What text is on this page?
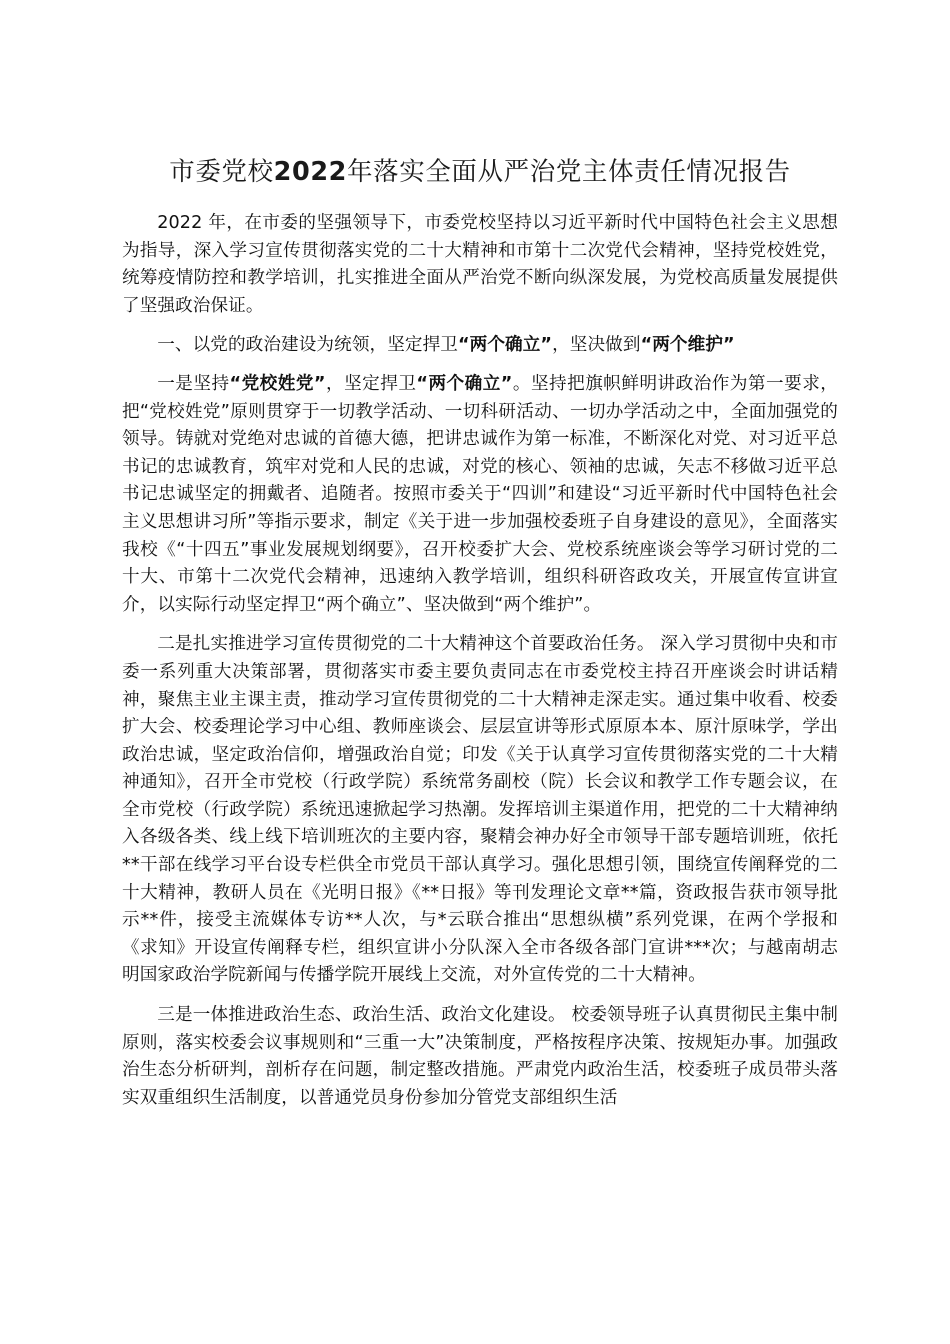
市委党校2022年落实全面从严治党主体责任情况报告

2022 年，在市委的坚强领导下，市委党校坚持以习近平新时代中国特色社会主义思想为指导，深入学习宣传贯彻落实党的二十大精神和市第十二次党代会精神，坚持党校姓党，统筹疫情防控和教学培训，扎实推进全面从严治党不断向纵深发展，为党校高质量发展提供了坚强政治保证。

一、以党的政治建设为统领，坚定捍卫“两个确立”，坚决做到“两个维护”

一是坚持“党校姓党”，坚定捍卫“两个确立”。坚持把旗帜鲜明讲政治作为第一要求，把“党校姓党”原则贯穿于一切教学活动、一切科研活动、一切办学活动之中，全面加强党的领导。铸就对党绝对忠诚的首德大德，把讲忠诚作为第一标准，不断深化对党、对习近平总书记的忠诚教育，筑牢对党和人民的忠诚，对党的核心、领袖的忠诚，矢志不移做习近平总书记忠诚坚定的拥戴者、追随者。按照市委关于“四训”和建设“习近平新时代中国特色社会主义思想讲习所”等指示要求，制定《关于进一步加强校委班子自身建设的意见》，全面落实我校《“十四五”事业发展规划纲要》，召开校委扩大会、党校系统座谈会等学习研讨党的二十大、市第十二次党代会精神，迅速纳入教学培训，组织科研咨政攻关，开展宣传宣讲宣介，以实际行动坚定捍卫“两个确立”、坚决做到“两个维护”。

二是扎实推进学习宣传贯彻党的二十大精神这个首要政治任务。 深入学习贯彻中央和市委一系列重大决策部署，贯彻落实市委主要负责同志在市委党校主持召开座谈会时讲话精神，聚焦主业主课主责，推动学习宣传贯彻党的二十大精神走深走实。通过集中收看、校委扩大会、校委理论学习中心组、教师座谈会、层层宣讲等形式原原本本、原汁原味学，学出政治忠诚，坚定政治信仰，增强政治自觉；印发《关于认真学习宣传贯彻落实党的二十大精神通知》，召开全市党校（行政学院）系统常务副校（院）长会议和教学工作专题会议，在全市党校（行政学院）系统迅速掀起学习热潮。发挥培训主渠道作用，把党的二十大精神纳入各级各类、线上线下培训班次的主要内容，聚精会神办好全市领导干部专题培训班，依托**干部在线学习平台设专栏供全市党员干部认真学习。强化思想引领，围绕宣传阐释党的二十大精神，教研人员在《光明日报》《**日报》等刊发理论文章**篇，资政报告获市领导批示**件，接受主流媒体专访**人次，与*云联合推出“思想纵横”系列党课，在两个学报和《求知》开设宣传阐释专栏，组织宣讲小分队深入全市各级各部门宣讲***次；与越南胡志明国家政治学院新闻与传播学院开展线上交流，对外宣传党的二十大精神。

三是一体推进政治生态、政治生活、政治文化建设。 校委领导班子认真贯彻民主集中制原则，落实校委会议事规则和“三重一大”决策制度，严格按程序决策、按规矩办事。加强政治生态分析研判，剖析存在问题，制定整改措施。严肃党内政治生活，校委班子成员带头落实双重组织生活制度，以普通党员身份参加分管党支部组织生活
